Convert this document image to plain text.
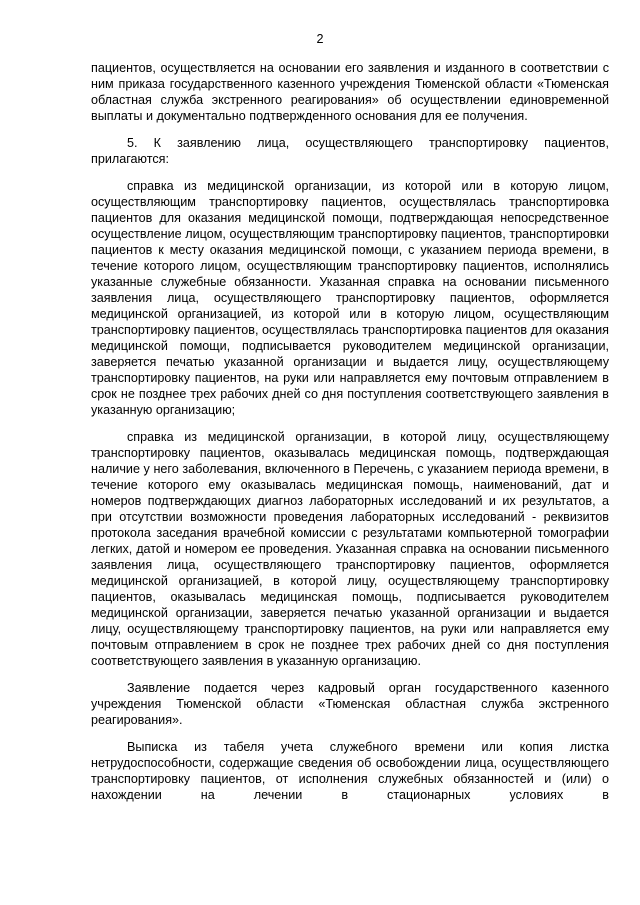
2

пациентов, осуществляется на основании его заявления и изданного в соответствии с ним приказа государственного казенного учреждения Тюменской области «Тюменская областная служба экстренного реагирования» об осуществлении единовременной выплаты и документально подтвержденного основания для ее получения.

5. К заявлению лица, осуществляющего транспортировку пациентов, прилагаются:

справка из медицинской организации, из которой или в которую лицом, осуществляющим транспортировку пациентов, осуществлялась транспортировка пациентов для оказания медицинской помощи, подтверждающая непосредственное осуществление лицом, осуществляющим транспортировку пациентов, транспортировки пациентов к месту оказания медицинской помощи, с указанием периода времени, в течение которого лицом, осуществляющим транспортировку пациентов, исполнялись указанные служебные обязанности. Указанная справка на основании письменного заявления лица, осуществляющего транспортировку пациентов, оформляется медицинской организацией, из которой или в которую лицом, осуществляющим транспортировку пациентов, осуществлялась транспортировка пациентов для оказания медицинской помощи, подписывается руководителем медицинской организации, заверяется печатью указанной организации и выдается лицу, осуществляющему транспортировку пациентов, на руки или направляется ему почтовым отправлением в срок не позднее трех рабочих дней со дня поступления соответствующего заявления в указанную организацию;

справка из медицинской организации, в которой лицу, осуществляющему транспортировку пациентов, оказывалась медицинская помощь, подтверждающая наличие у него заболевания, включенного в Перечень, с указанием периода времени, в течение которого ему оказывалась медицинская помощь, наименований, дат и номеров подтверждающих диагноз лабораторных исследований и их результатов, а при отсутствии возможности проведения лабораторных исследований - реквизитов протокола заседания врачебной комиссии с результатами компьютерной томографии легких, датой и номером ее проведения. Указанная справка на основании письменного заявления лица, осуществляющего транспортировку пациентов, оформляется медицинской организацией, в которой лицу, осуществляющему транспортировку пациентов, оказывалась медицинская помощь, подписывается руководителем медицинской организации, заверяется печатью указанной организации и выдается лицу, осуществляющему транспортировку пациентов, на руки или направляется ему почтовым отправлением в срок не позднее трех рабочих дней со дня поступления соответствующего заявления в указанную организацию.

Заявление подается через кадровый орган государственного казенного учреждения Тюменской области «Тюменская областная служба экстренного реагирования».

Выписка из табеля учета служебного времени или копия листка нетрудоспособности, содержащие сведения об освобождении лица, осуществляющего транспортировку пациентов, от исполнения служебных обязанностей и (или) о нахождении на лечении в стационарных условиях в
